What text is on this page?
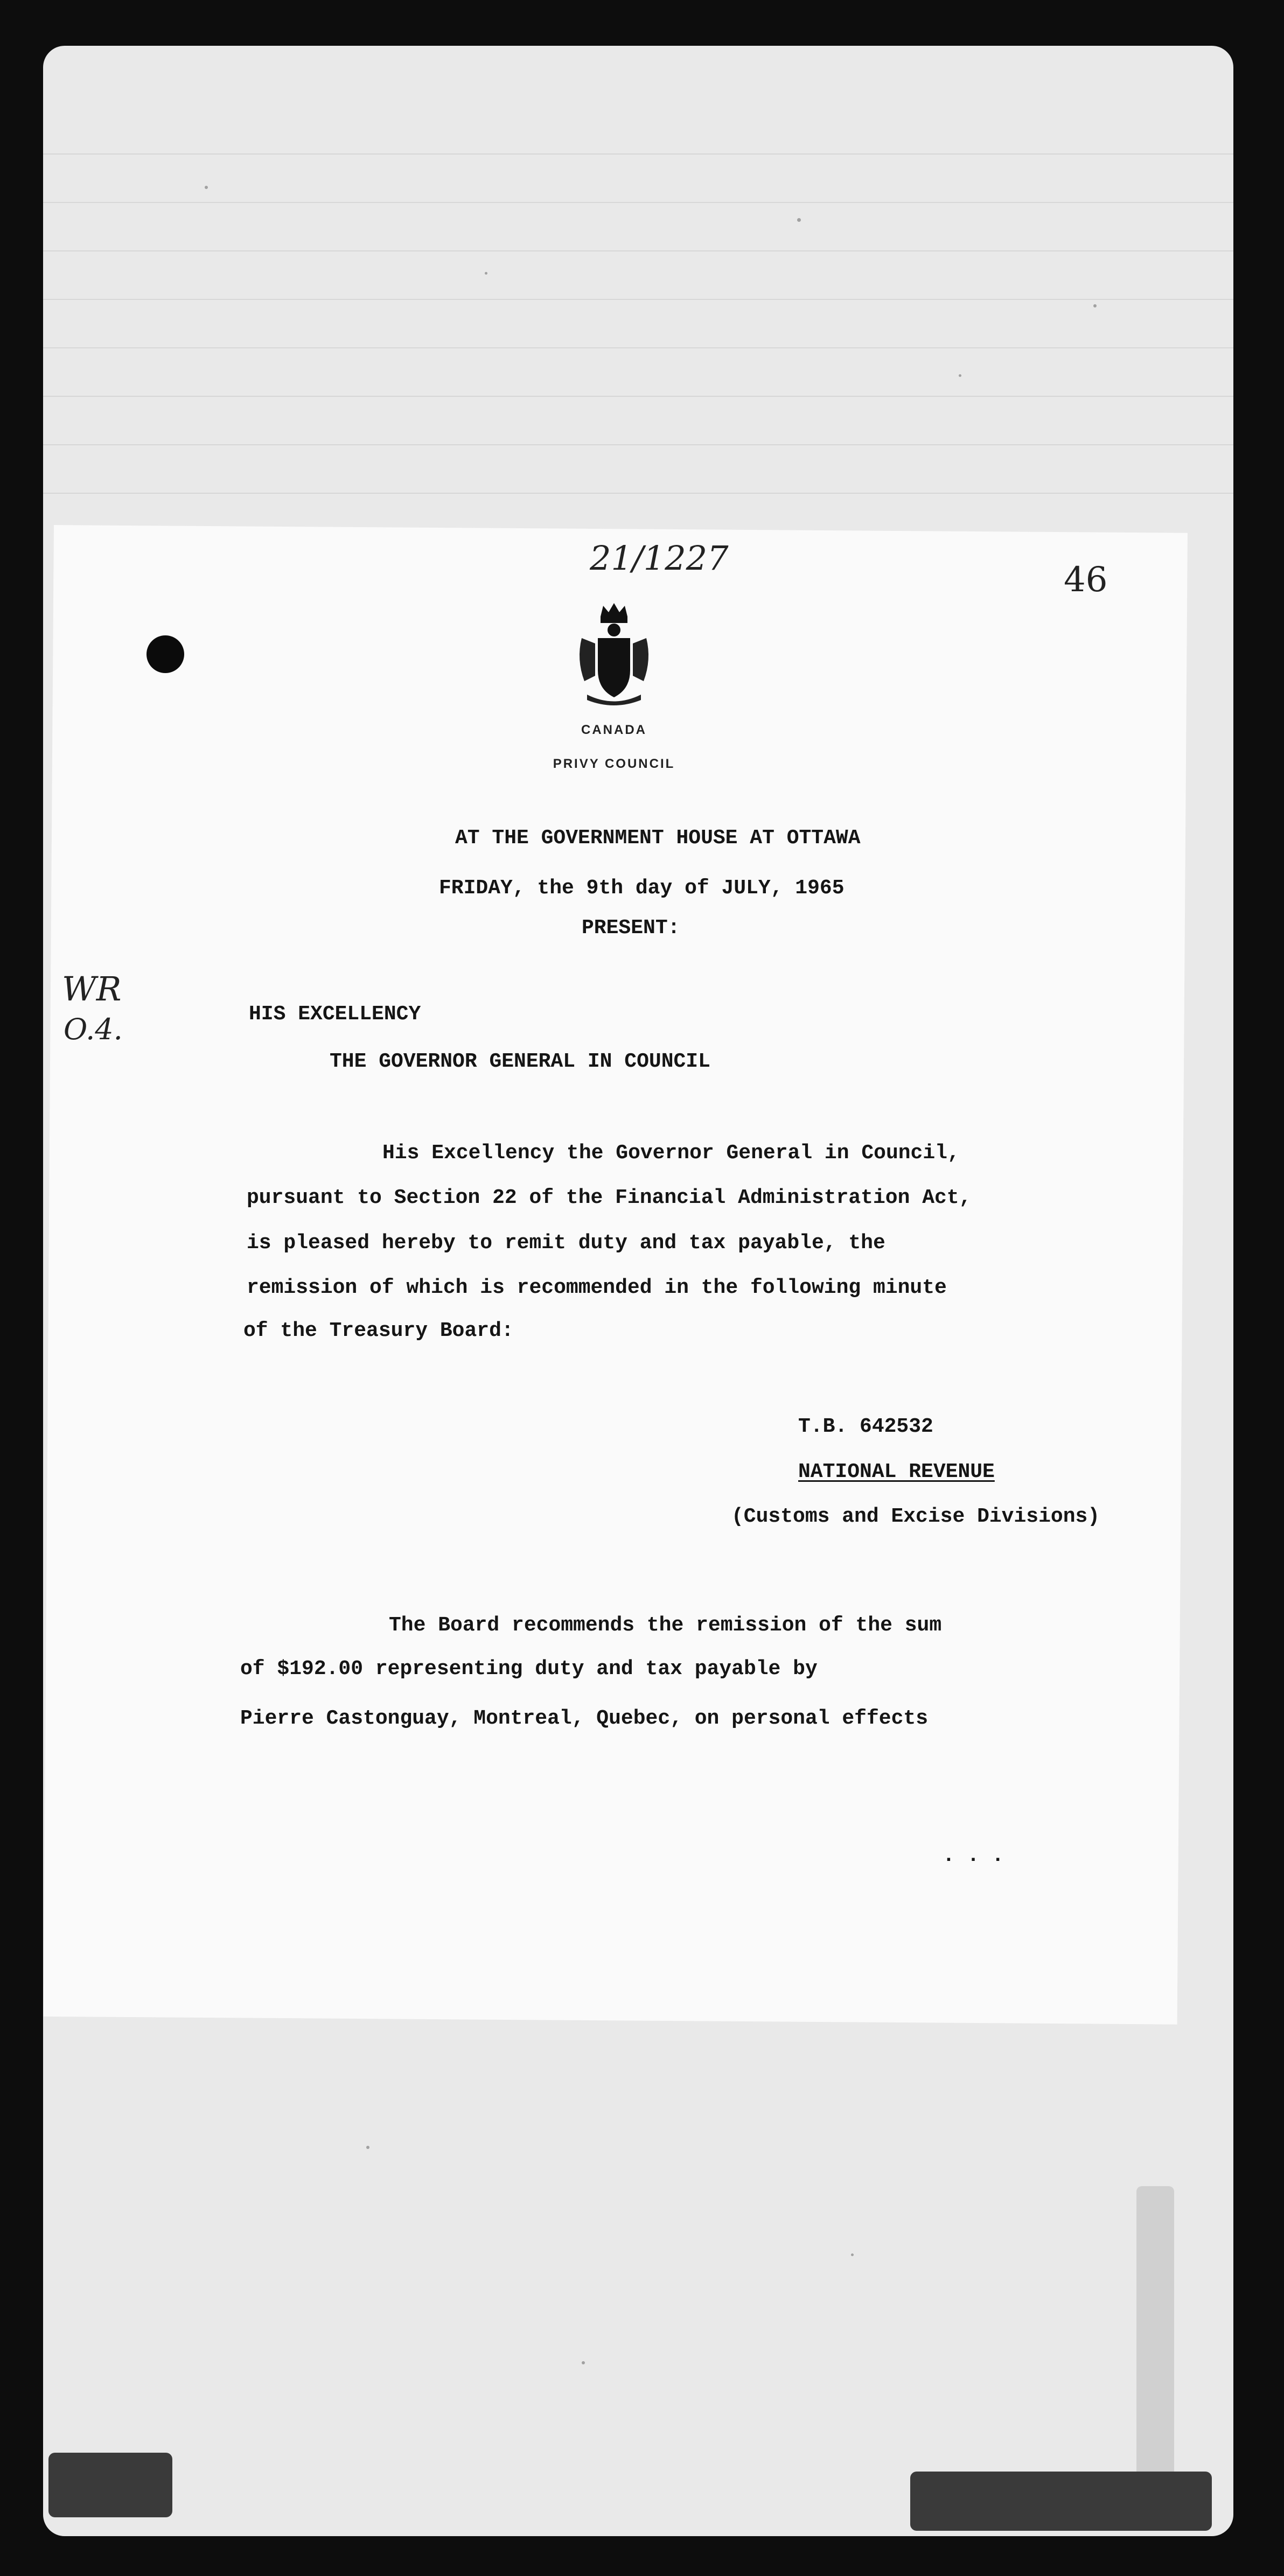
21/1227
46
WR
O.4.
CANADA
PRIVY COUNCIL
AT THE GOVERNMENT HOUSE AT OTTAWA
FRIDAY, the 9th day of JULY, 1965
PRESENT:
HIS EXCELLENCY
THE GOVERNOR GENERAL IN COUNCIL
His Excellency the Governor General in Council,
pursuant to Section 22 of the Financial Administration Act,
is pleased hereby to remit duty and tax payable, the
remission of which is recommended in the following minute
of the Treasury Board:
T.B. 642532
NATIONAL REVENUE
(Customs and Excise Divisions)
The Board recommends the remission of the sum
of $192.00 representing duty and tax payable by
Pierre Castonguay, Montreal, Quebec, on personal effects
. . .
